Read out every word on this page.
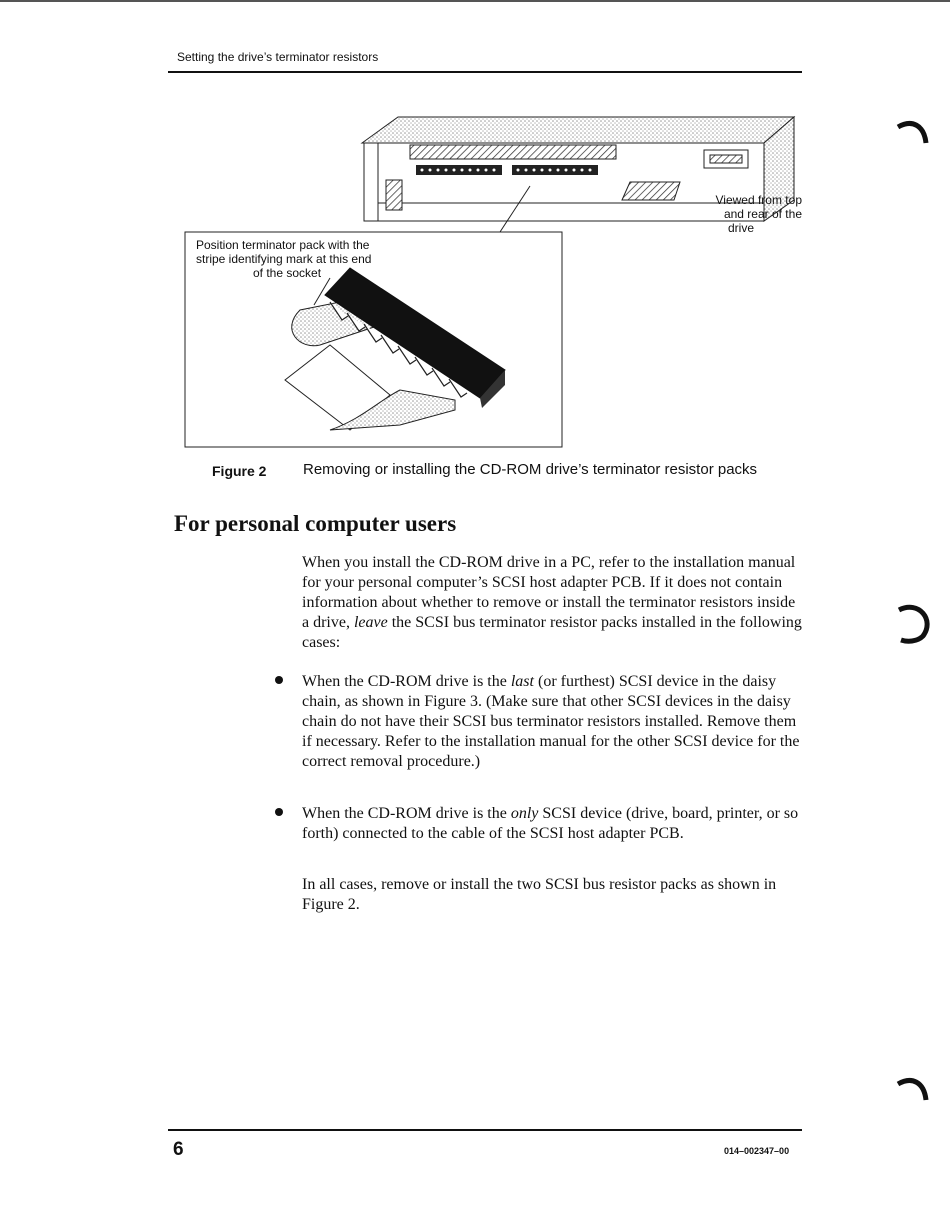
Setting the drive’s terminator resistors
Viewed from top
and rear of the
drive
Position terminator pack with the
stripe identifying mark at this end
of the socket
Figure 2 Removing or installing the CD-ROM drive’s terminator resistor packs
For personal computer users

When you install the CD-ROM drive in a PC, refer to the installation manual for your personal computer’s SCSI host adapter PCB. If it does not contain information about whether to remove or install the terminator resistors inside a drive, leave the SCSI bus terminator resistor packs installed in the following cases:

When the CD-ROM drive is the last (or furthest) SCSI device in the daisy chain, as shown in Figure 3. (Make sure that other SCSI devices in the daisy chain do not have their SCSI bus terminator resistors installed. Remove them if necessary. Refer to the installation manual for the other SCSI device for the correct removal procedure.)

When the CD-ROM drive is the only SCSI device (drive, board, printer, or so forth) connected to the cable of the SCSI host adapter PCB.

In all cases, remove or install the two SCSI bus resistor packs as shown in Figure 2.

6	014–002347–00
